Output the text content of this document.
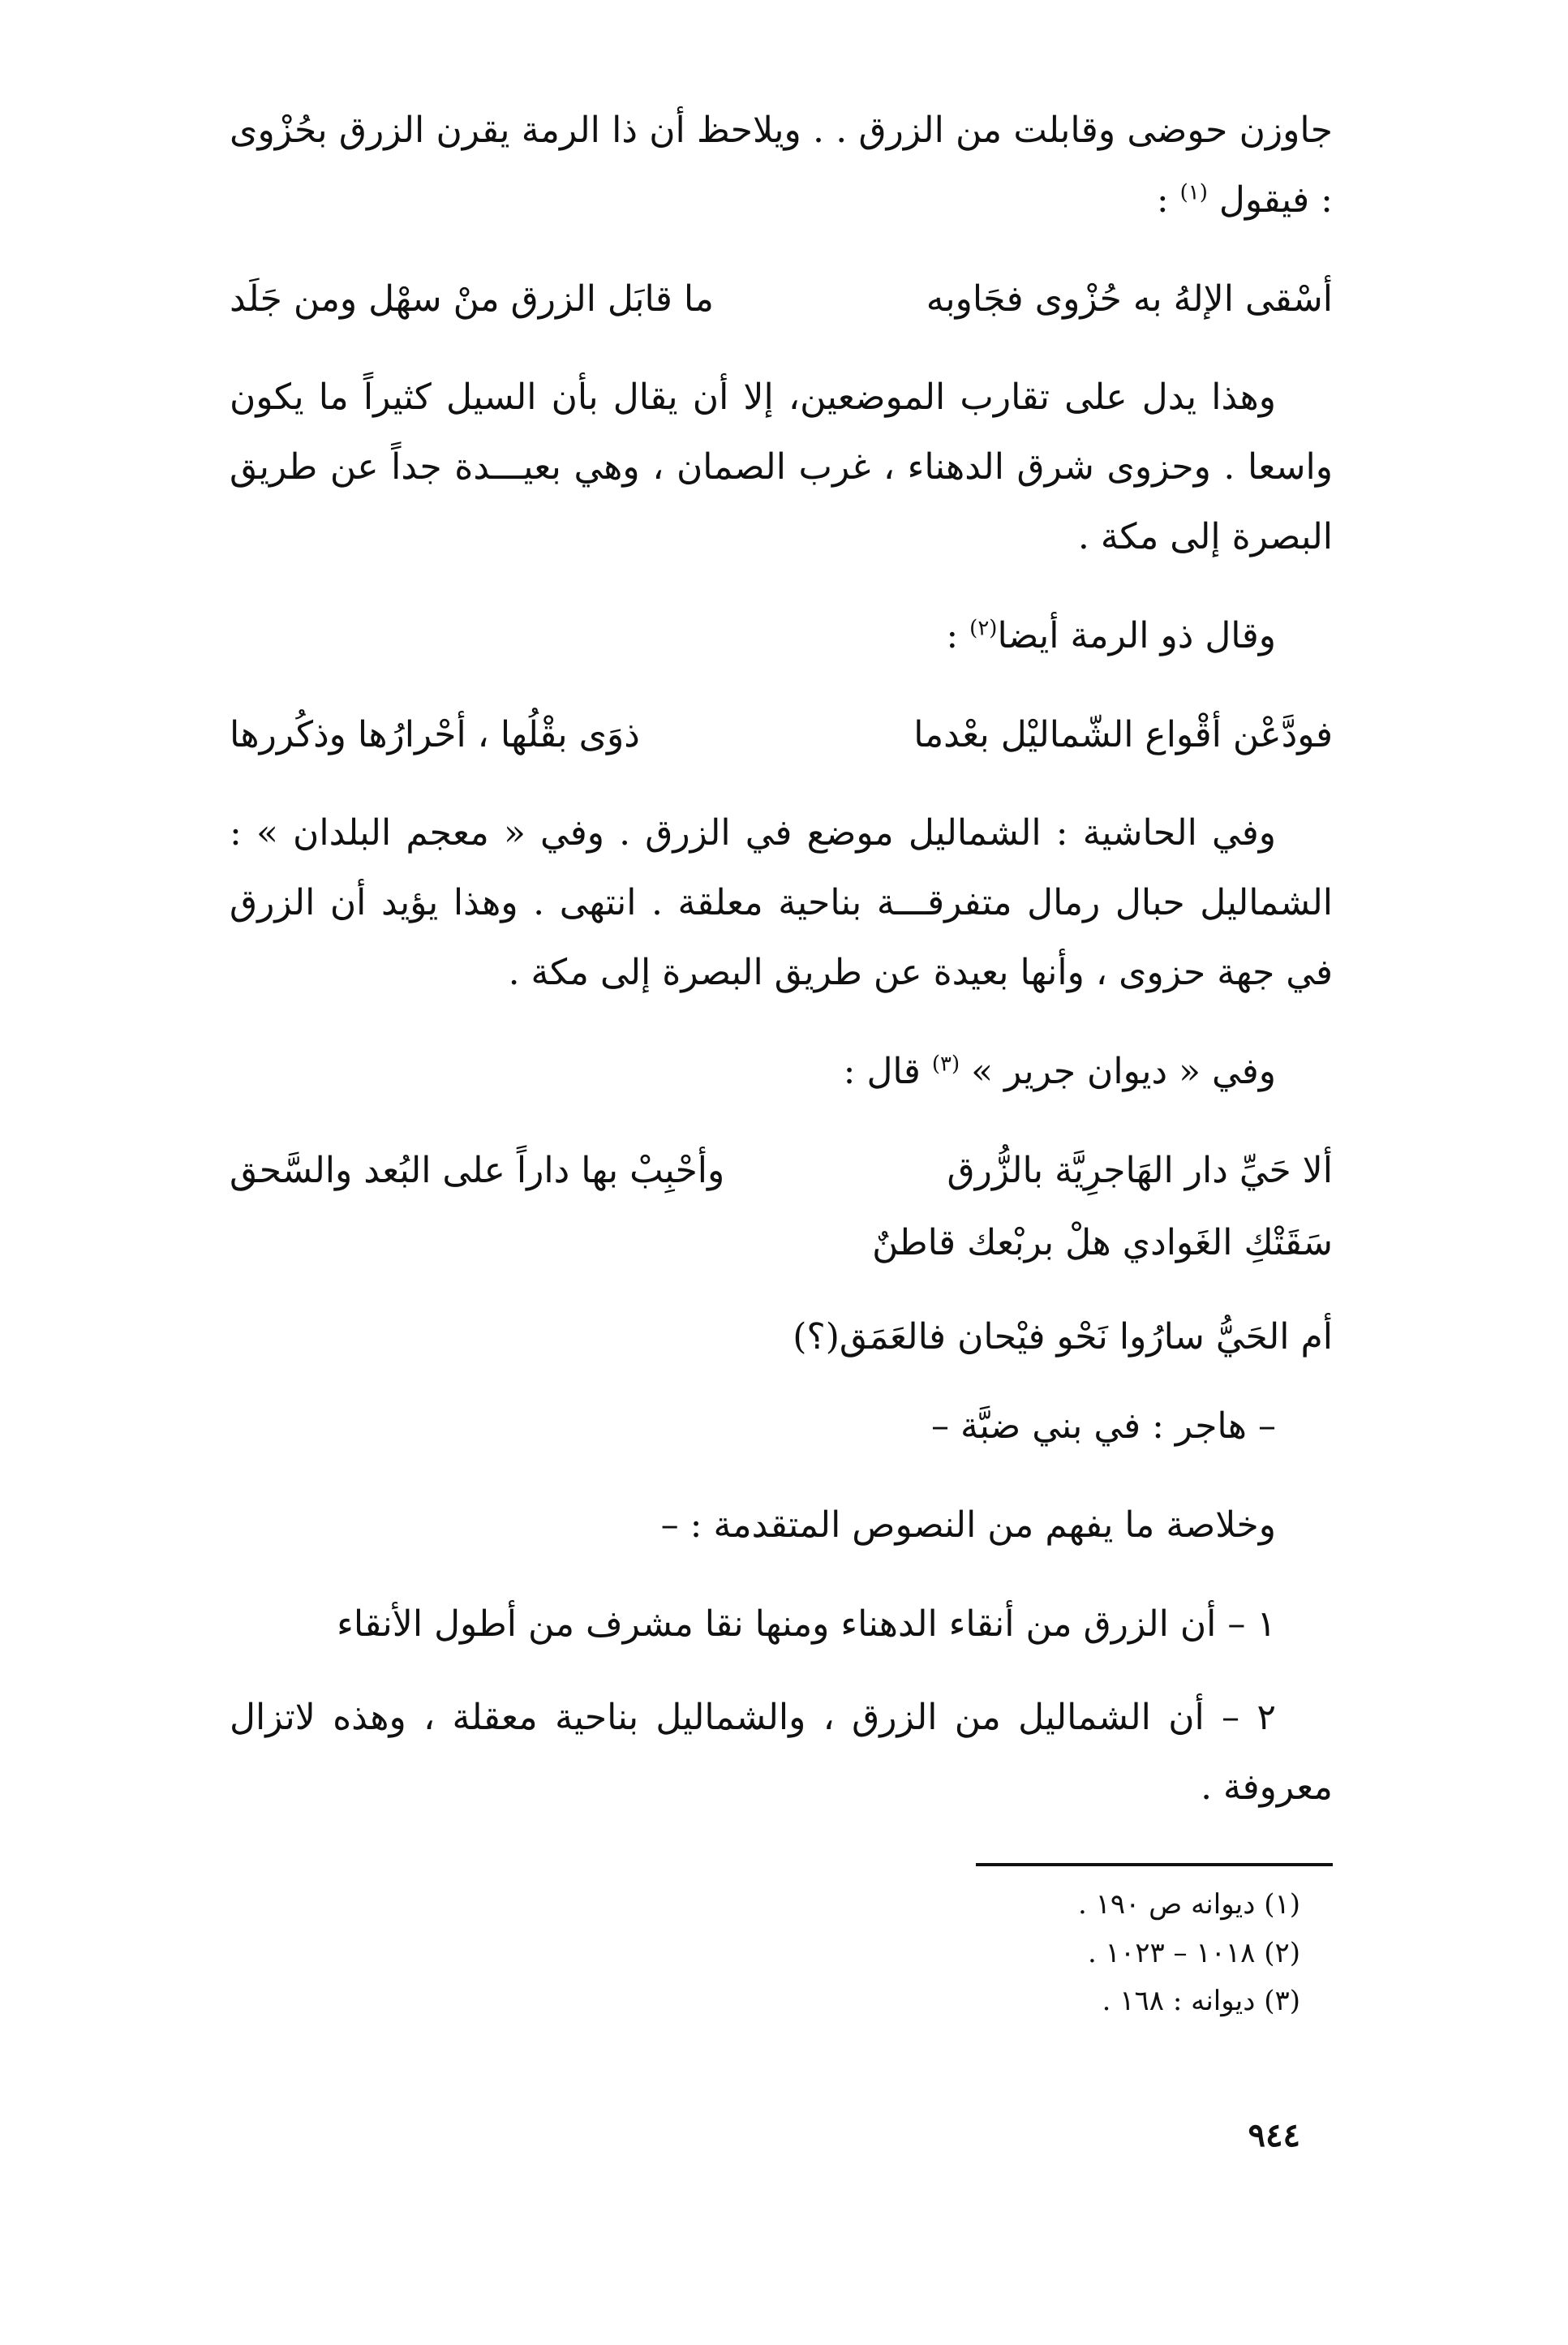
جاوزن حوضى وقابلت من الزرق . . ويلاحظ أن ذا الرمة يقرن الزرق بحُزْوى : فيقول $^{(١)}$ :

أسْقى الإلهُ به حُزْوى فجَاوبه
ما قابَل الزرق منْ سهْل ومن جَلَد

وهذا يدل على تقارب الموضعين، إلا أن يقال بأن السيل كثيراً ما يكون واسعا . وحزوى شرق الدهناء ، غرب الصمان ، وهي بعيـــدة جداً عن طريق البصرة إلى مكة .

وقال ذو الرمة أيضا$^{(٢)}$ :

فودَّعْن أقْواع الشّماليْل بعْدما
ذوَى بقْلُها ، أحْرارُها وذكُررها

وفي الحاشية : الشماليل موضع في الزرق . وفي « معجم البلدان » : الشماليل حبال رمال متفرقـــة بناحية معلقة . انتهى . وهذا يؤيد أن الزرق في جهة حزوى ، وأنها بعيدة عن طريق البصرة إلى مكة .

وفي « ديوان جرير » $^{(٣)}$ قال :

ألا حَيِّ دار الهَاجرِيَّة بالزُّرق
وأحْبِبْ بها داراً على البُعد والسَّحق
سَقَتْكِ الغَوادي هلْ بربْعك قاطنٌ
أم الحَيُّ سارُوا نَحْو فيْحان فالعَمَق(؟)

– هاجر : في بني ضبَّة –

وخلاصة ما يفهم من النصوص المتقدمة : –

١ – أن الزرق من أنقاء الدهناء ومنها نقا مشرف من أطول الأنقاء

٢ – أن الشماليل من الزرق ، والشماليل بناحية معقلة ، وهذه لاتزال معروفة .

(١) ديوانه ص ١٩٠ .

(٢) ١٠١٨ – ١٠٢٣ .

(٣) ديوانه : ١٦٨ .

٩٤٤
